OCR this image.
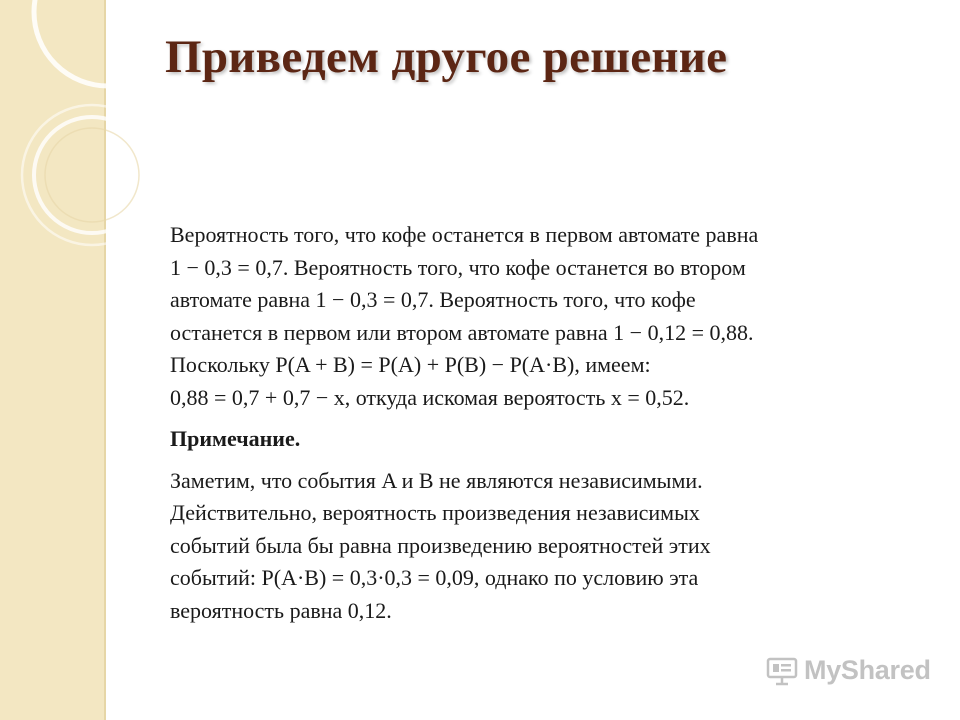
Приведем другое решение

Вероятность того, что кофе останется в первом автомате равна
1 − 0,3 = 0,7. Вероятность того, что кофе останется во втором
автомате равна 1 − 0,3 = 0,7. Вероятность того, что кофе
останется в первом или втором автомате равна 1 − 0,12 = 0,88.
Поскольку P(A + B) = P(A) + P(B) − P(A·B), имеем:
0,88 = 0,7 + 0,7 − x, откуда искомая вероятость x = 0,52.

Примечание.

Заметим, что события A и B не являются независимыми.
Действительно, вероятность произведения независимых
событий была бы равна произведению вероятностей этих
событий: P(A·B) = 0,3·0,3 = 0,09, однако по условию эта
вероятность равна 0,12.

MyShared
